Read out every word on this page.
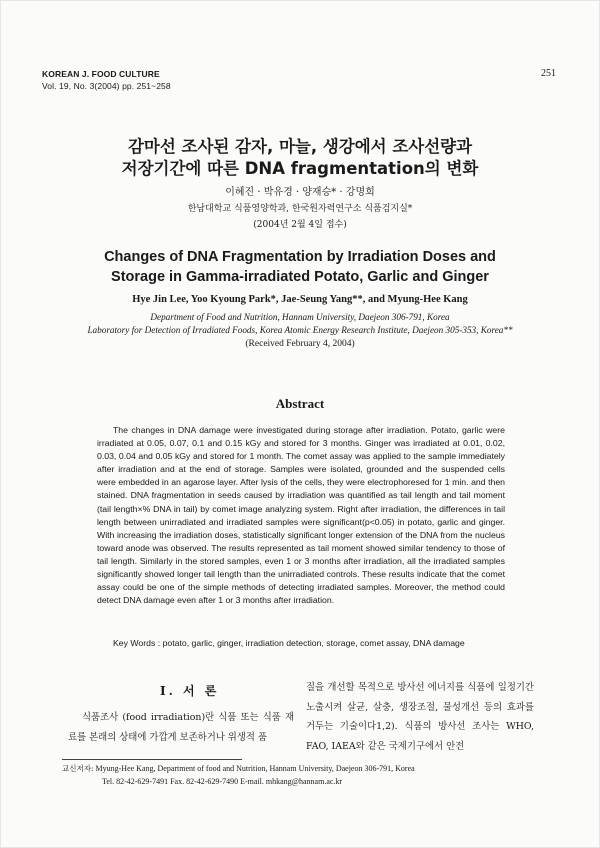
KOREAN J. FOOD CULTURE
Vol. 19, No. 3(2004) pp. 251~258
251
감마선 조사된 감자, 마늘, 생강에서 조사선량과
저장기간에 따른 DNA fragmentation의 변화
이혜진 · 박유경 · 양재승* · 강명희
한남대학교 식품영양학과, 한국원자력연구소 식품검지실*
(2004년 2월 4일 접수)
Changes of DNA Fragmentation by Irradiation Doses and
Storage in Gamma-irradiated Potato, Garlic and Ginger
Hye Jin Lee, Yoo Kyoung Park*, Jae-Seung Yang**, and Myung-Hee Kang
Department of Food and Nutrition, Hannam University, Daejeon 306-791, Korea
Laboratory for Detection of Irradiated Foods, Korea Atomic Energy Research Institute, Daejeon 305-353, Korea**
(Received February 4, 2004)
Abstract

The changes in DNA damage were investigated during storage after irradiation. Potato, garlic were irradiated at 0.05, 0.07, 0.1 and 0.15 kGy and stored for 3 months. Ginger was irradiated at 0.01, 0.02, 0.03, 0.04 and 0.05 kGy and stored for 1 month. The comet assay was applied to the sample immediately after irradiation and at the end of storage. Samples were isolated, grounded and the suspended cells were embedded in an agarose layer. After lysis of the cells, they were electrophoresed for 1 min. and then stained. DNA fragmentation in seeds caused by irradiation was quantified as tail length and tail moment (tail length×% DNA in tail) by comet image analyzing system. Right after irradiation, the differences in tail length between unirradiated and irradiated samples were significant(p<0.05) in potato, garlic and ginger. With increasing the irradiation doses, statistically significant longer extension of the DNA from the nucleus toward anode was observed. The results represented as tail moment showed similar tendency to those of tail length. Similarly in the stored samples, even 1 or 3 months after irradiation, all the irradiated samples significantly showed longer tail length than the unirradiated controls. These results indicate that the comet assay could be one of the simple methods of detecting irradiated samples. Moreover, the method could detect DNA damage even after 1 or 3 months after irradiation.

Key Words : potato, garlic, ginger, irradiation detection, storage, comet assay, DNA damage
I. 서 론

식품조사 (food irradiation)란 식품 또는 식품 재료를 본래의 상태에 가깝게 보존하거나 위생적 품

질을 개선할 목적으로 방사선 에너지를 식품에 일정기간 노출시켜 살균, 살충, 생장조절, 물성개선 등의 효과를 거두는 기술이다1,2). 식품의 방사선 조사는 WHO, FAO, IAEA와 같은 국제기구에서 안전

교신저자: Myung-Hee Kang, Department of food and Nutrition, Hannam University, Daejeon 306-791, Korea
Tel. 82-42-629-7491 Fax. 82-42-629-7490 E-mail. mhkang@hannam.ac.kr
